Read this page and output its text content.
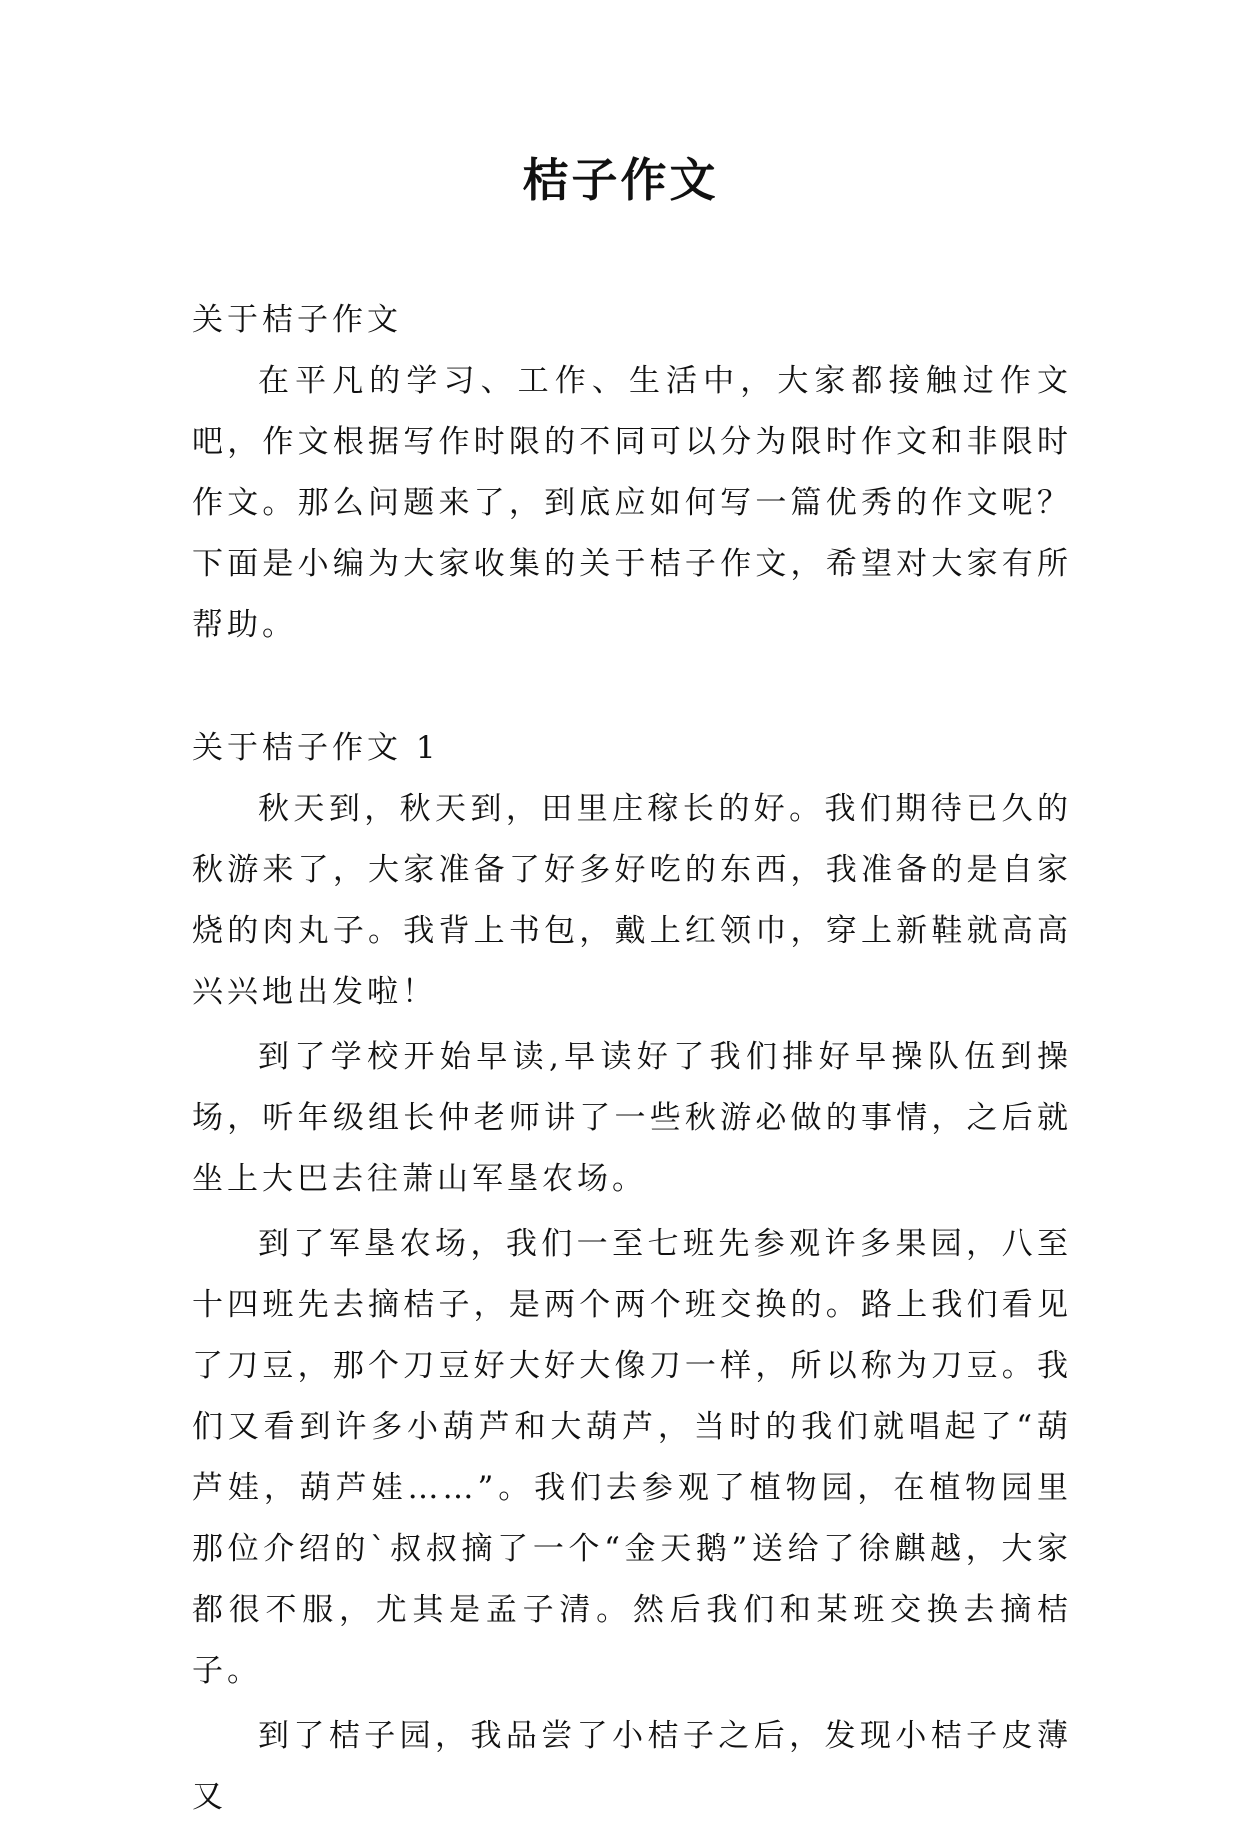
桔子作文

关于桔子作文

在平凡的学习、工作、生活中，大家都接触过作文吧，作文根据写作时限的不同可以分为限时作文和非限时作文。那么问题来了，到底应如何写一篇优秀的作文呢？下面是小编为大家收集的关于桔子作文，希望对大家有所帮助。

关于桔子作文 1

秋天到，秋天到，田里庄稼长的好。我们期待已久的秋游来了，大家准备了好多好吃的东西，我准备的是自家烧的肉丸子。我背上书包，戴上红领巾，穿上新鞋就高高兴兴地出发啦！

到了学校开始早读,早读好了我们排好早操队伍到操场，听年级组长仲老师讲了一些秋游必做的事情，之后就坐上大巴去往萧山军垦农场。

到了军垦农场，我们一至七班先参观许多果园，八至十四班先去摘桔子，是两个两个班交换的。路上我们看见了刀豆，那个刀豆好大好大像刀一样，所以称为刀豆。我们又看到许多小葫芦和大葫芦，当时的我们就唱起了“葫芦娃，葫芦娃……”。我们去参观了植物园，在植物园里那位介绍的`叔叔摘了一个“金天鹅”送给了徐麒越，大家都很不服，尤其是孟子清。然后我们和某班交换去摘桔子。

到了桔子园，我品尝了小桔子之后，发现小桔子皮薄又
